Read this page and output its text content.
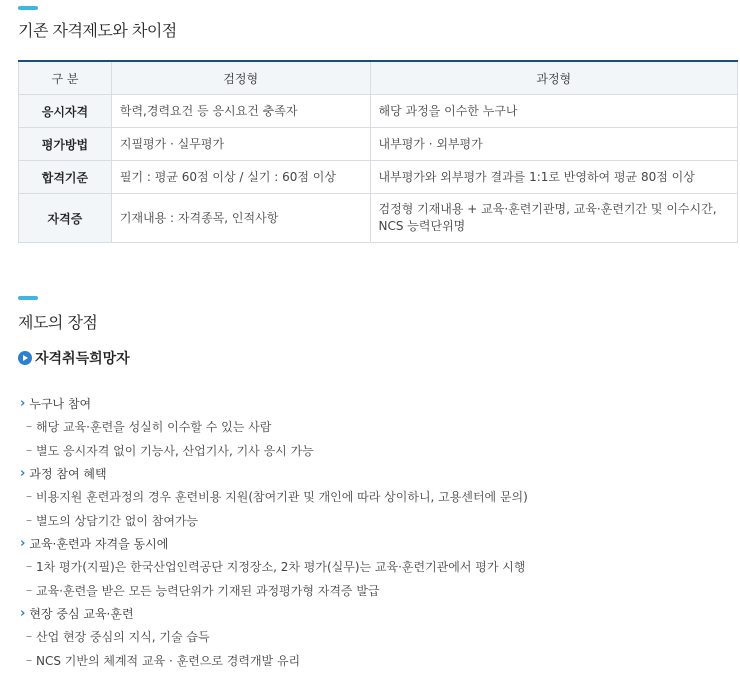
기존 자격제도와 차이점
구 분	검정형	과정형
응시자격	학력,경력요건 등 응시요건 충족자	해당 과정을 이수한 누구나
평가방법	지필평가 · 실무평가	내부평가 · 외부평가
합격기준	필기 : 평균 60점 이상 / 실기 : 60점 이상	내부평가와 외부평가 결과를 1:1로 반영하여 평균 80점 이상
자격증	기재내용 : 자격종목, 인적사항	검정형 기재내용 + 교육·훈련기관명, 교육·훈련기간 및 이수시간, NCS 능력단위명
제도의 장점
자격취득희망자
› 누구나 참여
– 해당 교육·훈련을 성실히 이수할 수 있는 사람
– 별도 응시자격 없이 기능사, 산업기사, 기사 응시 가능
› 과정 참여 혜택
– 비용지원 훈련과정의 경우 훈련비용 지원(참여기관 및 개인에 따라 상이하니, 고용센터에 문의)
– 별도의 상담기간 없이 참여가능
› 교육·훈련과 자격을 동시에
– 1차 평가(지필)은 한국산업인력공단 지정장소, 2차 평가(실무)는 교육·훈련기관에서 평가 시행
– 교육·훈련을 받은 모든 능력단위가 기재된 과정평가형 자격증 발급
› 현장 중심 교육·훈련
– 산업 현장 중심의 지식, 기술 습득
– NCS 기반의 체계적 교육 · 훈련으로 경력개발 유리
